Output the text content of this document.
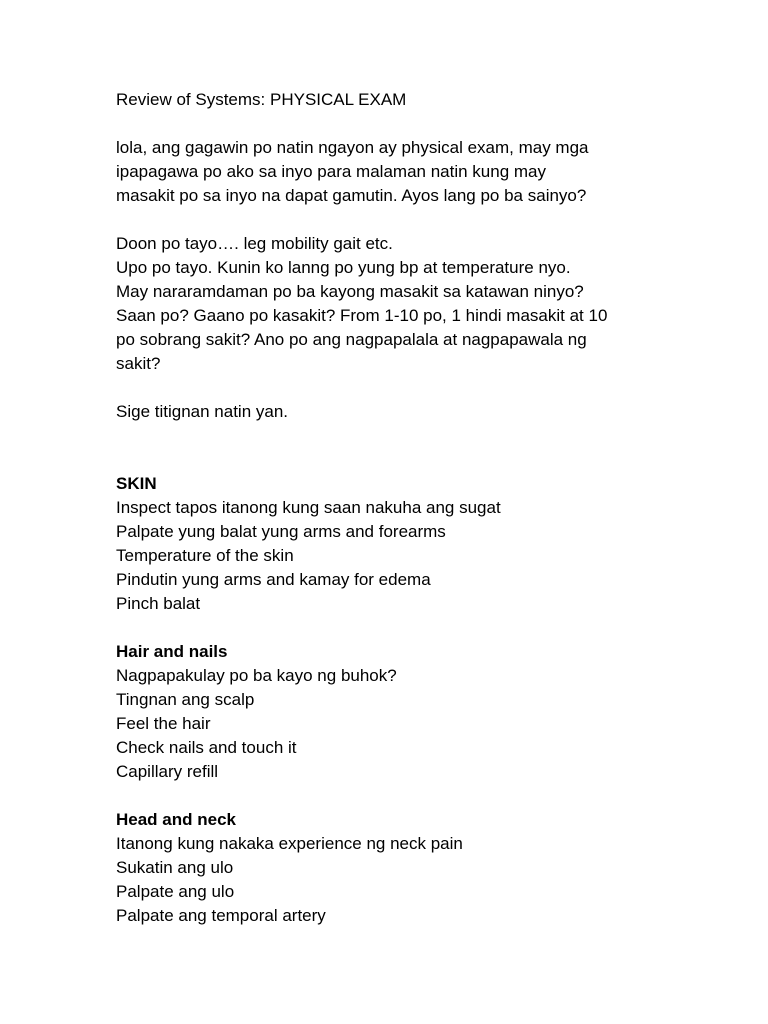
Review of Systems: PHYSICAL EXAM
lola, ang gagawin po natin ngayon ay physical exam, may mga
ipapagawa po ako sa inyo para malaman natin kung may
masakit po sa inyo na dapat gamutin. Ayos lang po ba sainyo?
Doon po tayo…. leg mobility gait etc.
Upo po tayo. Kunin ko lanng po yung bp at temperature nyo.
May nararamdaman po ba kayong masakit sa katawan ninyo?
Saan po? Gaano po kasakit? From 1-10 po, 1 hindi masakit at 10
po sobrang sakit? Ano po ang nagpapalala at nagpapawala ng
sakit?
Sige titignan natin yan.
SKIN
Inspect tapos itanong kung saan nakuha ang sugat
Palpate yung balat yung arms and forearms
Temperature of the skin
Pindutin yung arms and kamay for edema
Pinch balat
Hair and nails
Nagpapakulay po ba kayo ng buhok?
Tingnan ang scalp
Feel the hair
Check nails and touch it
Capillary refill
Head and neck
Itanong kung nakaka experience ng neck pain
Sukatin ang ulo
Palpate ang ulo
Palpate ang temporal artery
